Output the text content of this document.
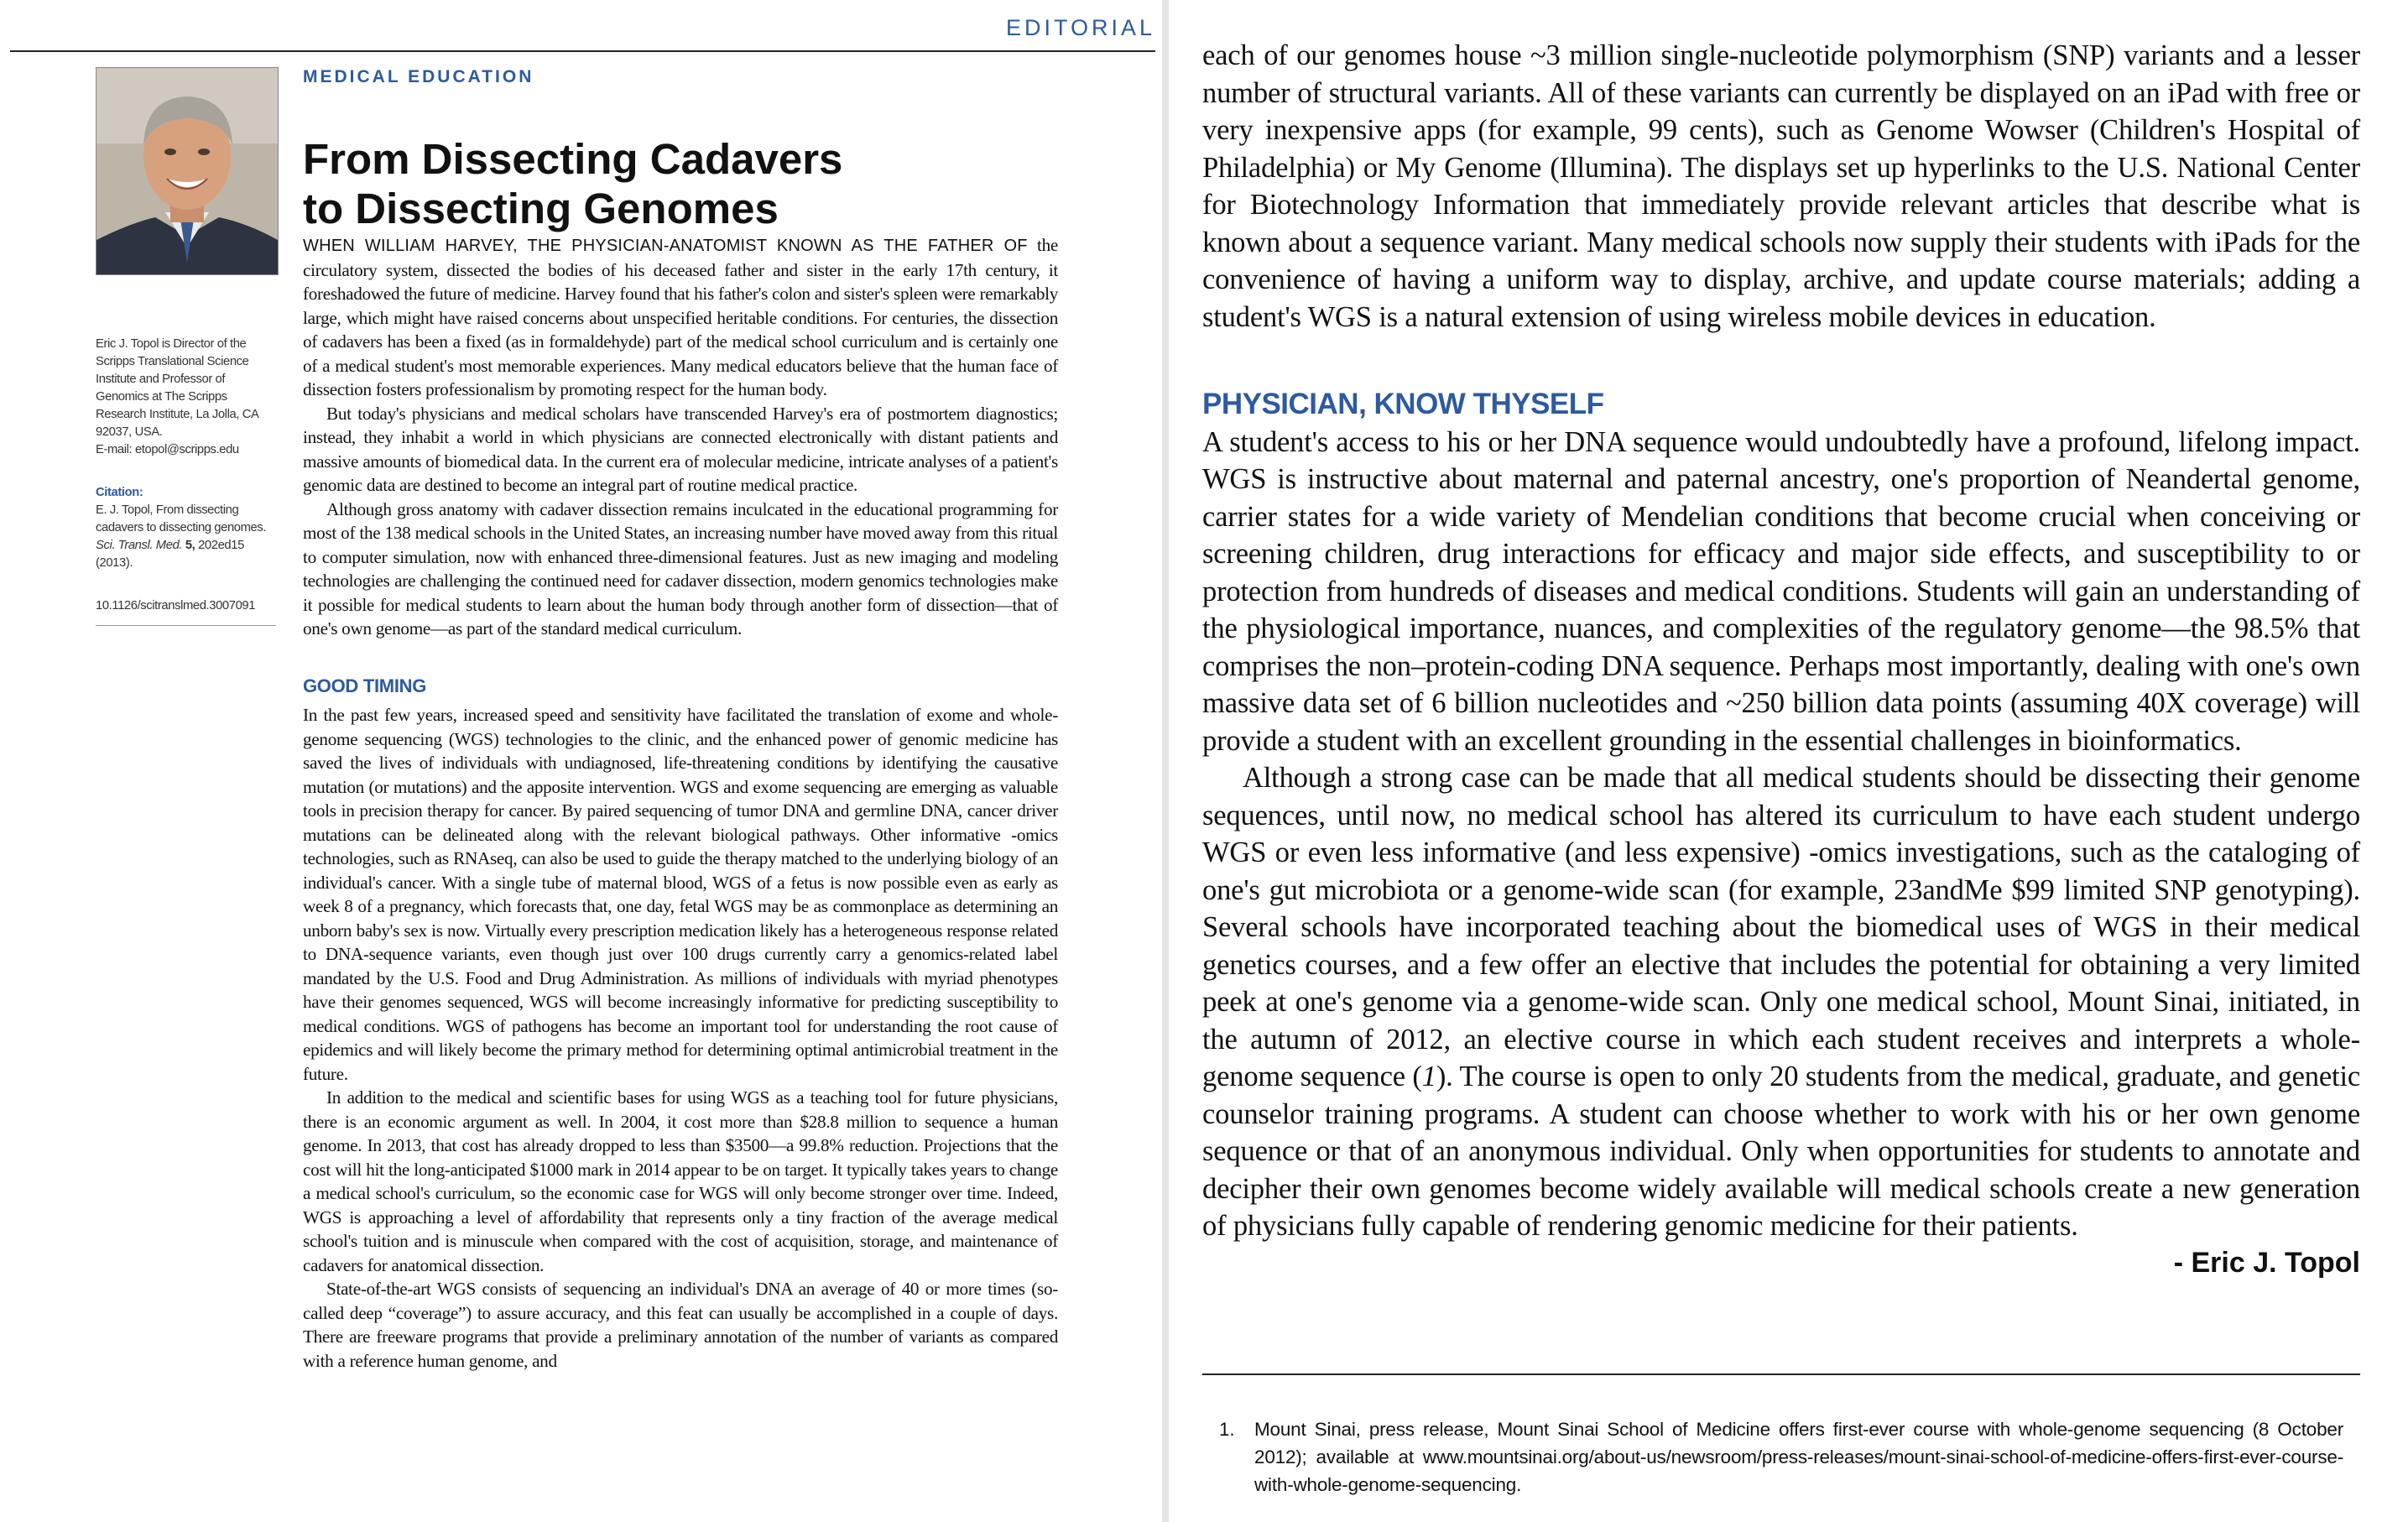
EDITORIAL

Eric J. Topol is Director of the Scripps Translational Science Institute and Professor of Genomics at The Scripps Research Institute, La Jolla, CA 92037, USA.

E-mail: etopol@scripps.edu

Citation:
E. J. Topol, From dissecting cadavers to dissecting genomes. Sci. Transl. Med. 5, 202ed15 (2013).
10.1126/scitranslmed.3007091
MEDICAL EDUCATION
From Dissecting Cadavers
to Dissecting Genomes

WHEN WILLIAM HARVEY, THE PHYSICIAN-ANATOMIST KNOWN AS THE FATHER OF the circulatory system, dissected the bodies of his deceased father and sister in the early 17th century, it foreshadowed the future of medicine. Harvey found that his father's colon and sister's spleen were remarkably large, which might have raised concerns about unspecified heritable conditions. For centuries, the dissection of cadavers has been a fixed (as in formaldehyde) part of the medical school curriculum and is certainly one of a medical student's most memorable experiences. Many medical educators believe that the human face of dissection fosters professionalism by promoting respect for the human body.

But today's physicians and medical scholars have transcended Harvey's era of postmortem diagnostics; instead, they inhabit a world in which physicians are connected electronically with distant patients and massive amounts of biomedical data. In the current era of molecular medicine, intricate analyses of a patient's genomic data are destined to become an integral part of routine medical practice.

Although gross anatomy with cadaver dissection remains inculcated in the educational programming for most of the 138 medical schools in the United States, an increasing number have moved away from this ritual to computer simulation, now with enhanced three-dimensional features. Just as new imaging and modeling technologies are challenging the continued need for cadaver dissection, modern genomics technologies make it possible for medical students to learn about the human body through another form of dissection—that of one's own genome—as part of the standard medical curriculum.

GOOD TIMING

In the past few years, increased speed and sensitivity have facilitated the translation of exome and whole-genome sequencing (WGS) technologies to the clinic, and the enhanced power of genomic medicine has saved the lives of individuals with undiagnosed, life-threatening conditions by identifying the causative mutation (or mutations) and the apposite intervention. WGS and exome sequencing are emerging as valuable tools in precision therapy for cancer. By paired sequencing of tumor DNA and germline DNA, cancer driver mutations can be delineated along with the relevant biological pathways. Other informative -omics technologies, such as RNAseq, can also be used to guide the therapy matched to the underlying biology of an individual's cancer. With a single tube of maternal blood, WGS of a fetus is now possible even as early as week 8 of a pregnancy, which forecasts that, one day, fetal WGS may be as commonplace as determining an unborn baby's sex is now. Virtually every prescription medication likely has a heterogeneous response related to DNA-sequence variants, even though just over 100 drugs currently carry a genomics-related label mandated by the U.S. Food and Drug Administration. As millions of individuals with myriad phenotypes have their genomes sequenced, WGS will become increasingly informative for predicting susceptibility to medical conditions. WGS of pathogens has become an important tool for understanding the root cause of epidemics and will likely become the primary method for determining optimal antimicrobial treatment in the future.

In addition to the medical and scientific bases for using WGS as a teaching tool for future physicians, there is an economic argument as well. In 2004, it cost more than $28.8 million to sequence a human genome. In 2013, that cost has already dropped to less than $3500—a 99.8% reduction. Projections that the cost will hit the long-anticipated $1000 mark in 2014 appear to be on target. It typically takes years to change a medical school's curriculum, so the economic case for WGS will only become stronger over time. Indeed, WGS is approaching a level of affordability that represents only a tiny fraction of the average medical school's tuition and is minuscule when compared with the cost of acquisition, storage, and maintenance of cadavers for anatomical dissection.

State-of-the-art WGS consists of sequencing an individual's DNA an average of 40 or more times (so-called deep “coverage”) to assure accuracy, and this feat can usually be accomplished in a couple of days. There are freeware programs that provide a preliminary annotation of the number of variants as compared with a reference human genome, and

each of our genomes house ~3 million single-nucleotide polymorphism (SNP) variants and a lesser number of structural variants. All of these variants can currently be displayed on an iPad with free or very inexpensive apps (for example, 99 cents), such as Genome Wowser (Children's Hospital of Philadelphia) or My Genome (Illumina). The displays set up hyperlinks to the U.S. National Center for Biotechnology Information that immediately provide relevant articles that describe what is known about a sequence variant. Many medical schools now supply their students with iPads for the convenience of having a uniform way to display, archive, and update course materials; adding a student's WGS is a natural extension of using wireless mobile devices in education.

PHYSICIAN, KNOW THYSELF

A student's access to his or her DNA sequence would undoubtedly have a profound, lifelong impact. WGS is instructive about maternal and paternal ancestry, one's proportion of Neandertal genome, carrier states for a wide variety of Mendelian conditions that become crucial when conceiving or screening children, drug interactions for efficacy and major side effects, and susceptibility to or protection from hundreds of diseases and medical conditions. Students will gain an understanding of the physiological importance, nuances, and complexities of the regulatory genome—the 98.5% that comprises the non–protein-coding DNA sequence. Perhaps most importantly, dealing with one's own massive data set of 6 billion nucleotides and ~250 billion data points (assuming 40X coverage) will provide a student with an excellent grounding in the essential challenges in bioinformatics.

Although a strong case can be made that all medical students should be dissecting their genome sequences, until now, no medical school has altered its curriculum to have each student undergo WGS or even less informative (and less expensive) -omics investigations, such as the cataloging of one's gut microbiota or a genome-wide scan (for example, 23andMe $99 limited SNP genotyping). Several schools have incorporated teaching about the biomedical uses of WGS in their medical genetics courses, and a few offer an elective that includes the potential for obtaining a very limited peek at one's genome via a genome-wide scan. Only one medical school, Mount Sinai, initiated, in the autumn of 2012, an elective course in which each student receives and interprets a whole-genome sequence (1). The course is open to only 20 students from the medical, graduate, and genetic counselor training programs. A student can choose whether to work with his or her own genome sequence or that of an anonymous individual. Only when opportunities for students to annotate and decipher their own genomes become widely available will medical schools create a new generation of physicians fully capable of rendering genomic medicine for their patients.

- Eric J. Topol
1. Mount Sinai, press release, Mount Sinai School of Medicine offers first-ever course with whole-genome sequencing (8 October 2012); available at www.mountsinai.org/about-us/newsroom/press-releases/mount-sinai-school-of-medicine-offers-first-ever-course-with-whole-genome-sequencing.
